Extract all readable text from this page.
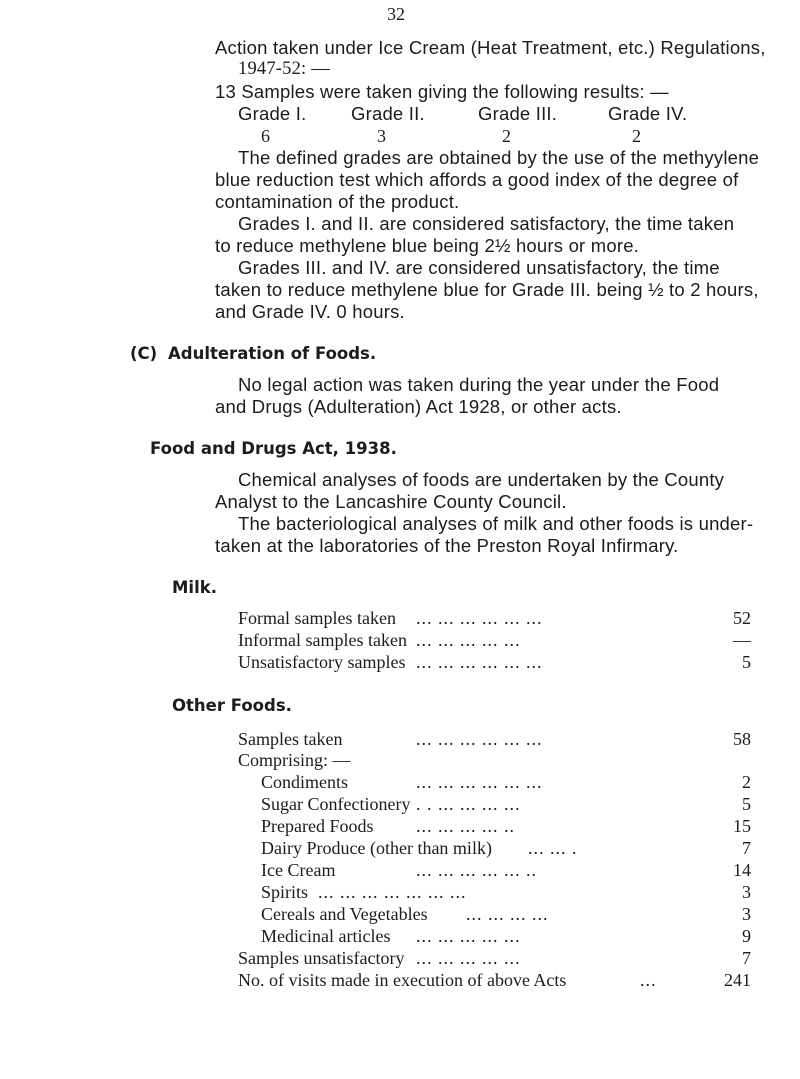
32
Action taken under Ice Cream (Heat Treatment, etc.) Regulations,
1947-52: —
13 Samples were taken giving the following results: —
Grade I. Grade II.	Grade III.	Grade IV.
6	3	2	2
The defined grades are obtained by the use of the methyylene
blue reduction test which affords a good index of the degree of
contamination of the product.
Grades I. and II. are considered satisfactory, the time taken
to reduce methylene blue being 2½ hours or more.
Grades III. and IV. are considered unsatisfactory, the time
taken to reduce methylene blue for Grade III. being ½ to 2 hours,
and Grade IV. 0 hours.
(C) Adulteration of Foods.
No legal action was taken during the year under the Food
and Drugs (Adulteration) Act 1928, or other acts.
Food and Drugs Act, 1938.
Chemical analyses of foods are undertaken by the County
Analyst to the Lancashire County Council.
The bacteriological analyses of milk and other foods is under-
taken at the laboratories of the Preston Royal Infirmary.
Milk.
Formal samples taken ... ... ... ... ... ...	52
Informal samples taken ... ... ... ... ...	—
Unsatisfactory samples ... ... ... ... ... ...	5
Other Foods.
Samples taken	... ... ... ... ... ...	58
Comprising: —
Condiments	... ... ... ... ... ...	2
Sugar Confectionery . . ... ... ... ...	5
Prepared Foods ... ... ... ... ..	15
Dairy Produce (other than milk) ... ... .	7
Ice Cream	... ... ... ... ... ..	14
Spirits ... ... ... ... ... ... ...	3
Cereals and Vegetables ... ... ... ...	3
Medicinal articles ... ... ... ... ...	9
Samples unsatisfactory ... ... ... ... ...	7
No. of visits made in execution of above Acts	...	241
